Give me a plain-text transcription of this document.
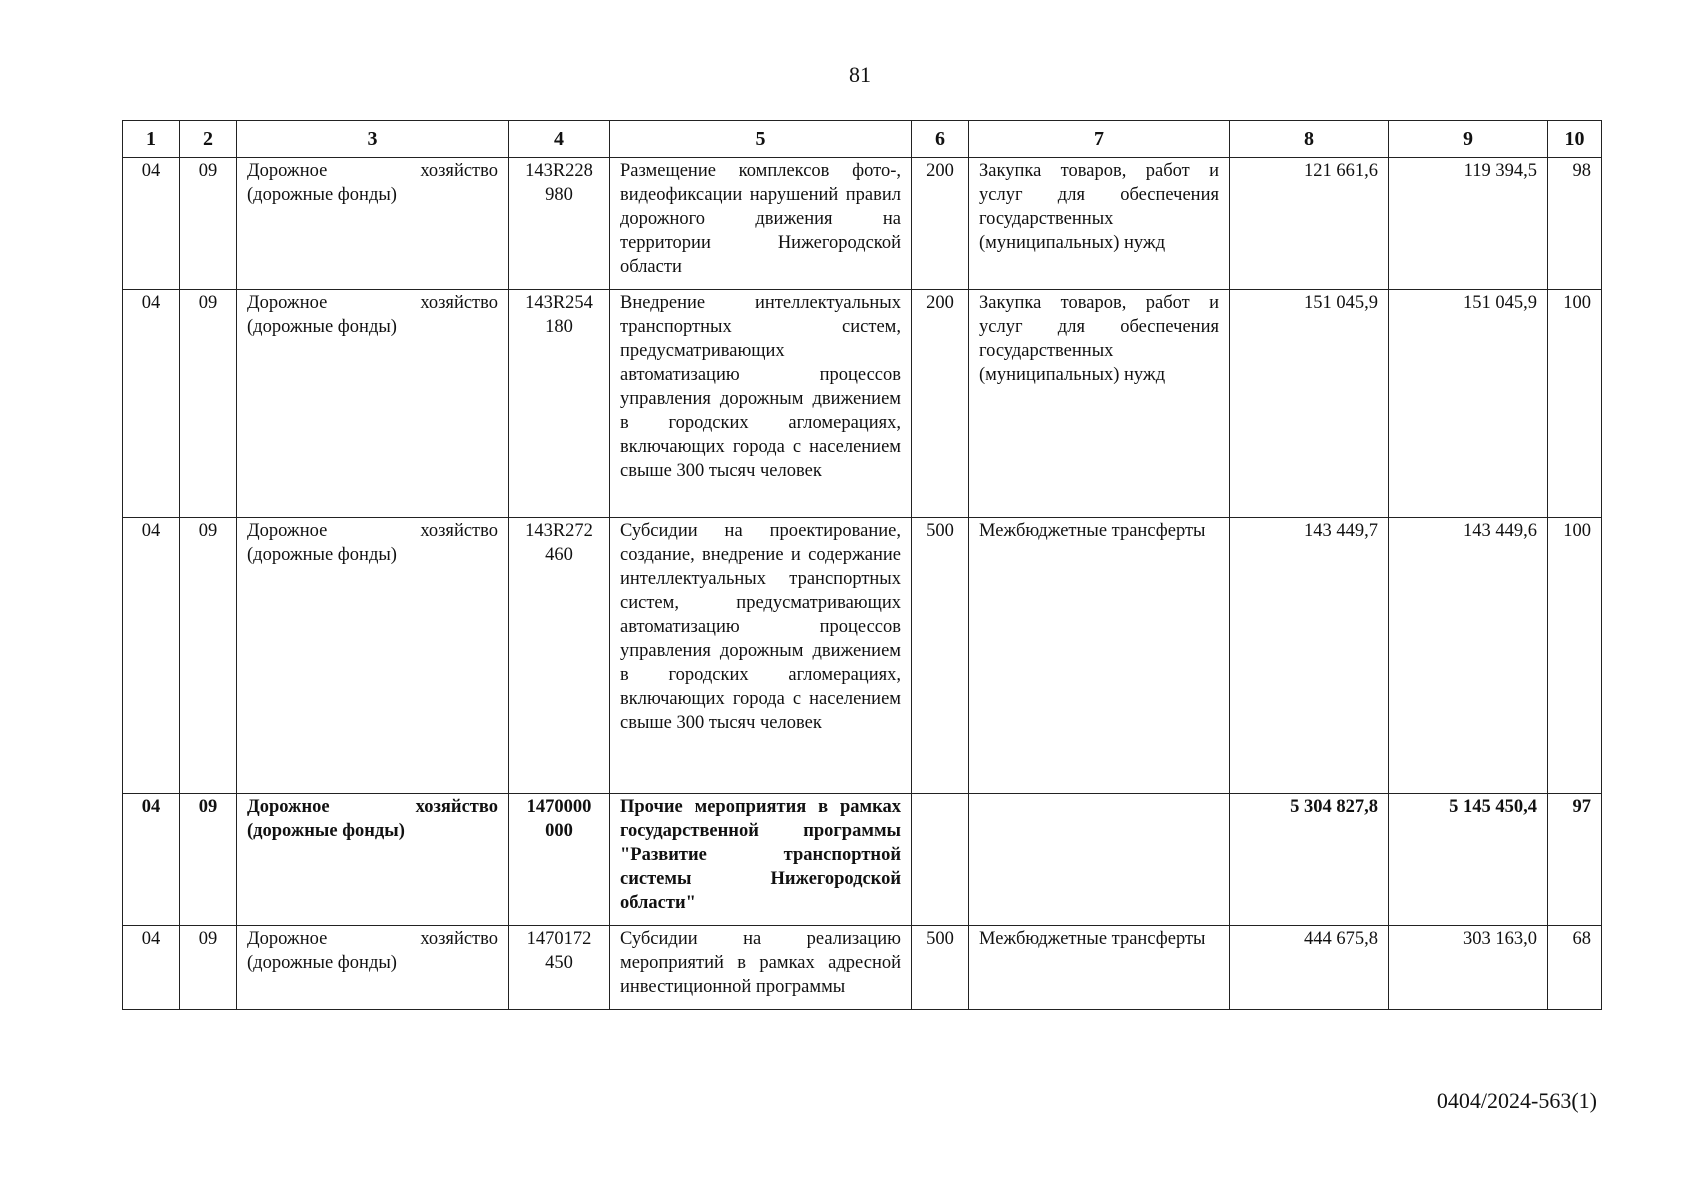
81
1	2	3	4	5	6	7	8	9	10
04	09	Дорожное хозяйство (дорожные фонды)	143R228 980	Размещение комплексов фото-, видеофиксации нарушений правил дорожного движения на территории Нижегородской области	200	Закупка товаров, работ и услуг для обеспечения государственных (муниципальных) нужд	121 661,6	119 394,5	98
04	09	Дорожное хозяйство (дорожные фонды)	143R254 180	Внедрение интеллектуальных транспортных систем, предусматривающих автоматизацию процессов управления дорожным движением в городских агломерациях, включающих города с населением свыше 300 тысяч человек	200	Закупка товаров, работ и услуг для обеспечения государственных (муниципальных) нужд	151 045,9	151 045,9	100
04	09	Дорожное хозяйство (дорожные фонды)	143R272 460	Субсидии на проектирование, создание, внедрение и содержание интеллектуальных транспортных систем, предусматривающих автоматизацию процессов управления дорожным движением в городских агломерациях, включающих города с населением свыше 300 тысяч человек	500	Межбюджетные трансферты	143 449,7	143 449,6	100
04	09	Дорожное хозяйство (дорожные фонды)	1470000 000	Прочие мероприятия в рамках государственной программы "Развитие транспортной системы Нижегородской области"			5 304 827,8	5 145 450,4	97
04	09	Дорожное хозяйство (дорожные фонды)	1470172 450	Субсидии на реализацию мероприятий в рамках адресной инвестиционной программы	500	Межбюджетные трансферты	444 675,8	303 163,0	68
0404/2024-563(1)
